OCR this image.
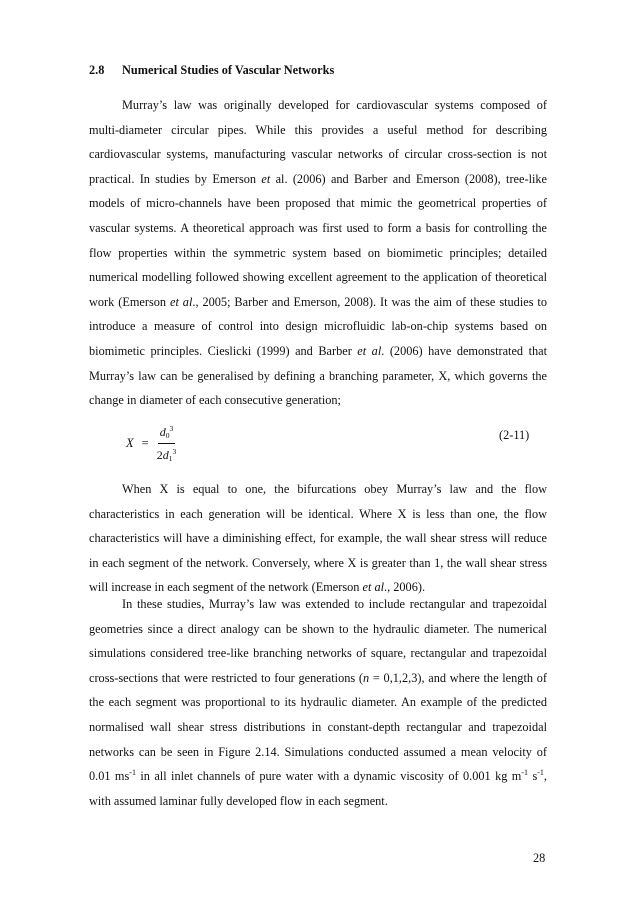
2.8 Numerical Studies of Vascular Networks

Murray’s law was originally developed for cardiovascular systems composed of multi-diameter circular pipes. While this provides a useful method for describing cardiovascular systems, manufacturing vascular networks of circular cross-section is not practical. In studies by Emerson et al. (2006) and Barber and Emerson (2008), tree-like models of micro-channels have been proposed that mimic the geometrical properties of vascular systems. A theoretical approach was first used to form a basis for controlling the flow properties within the symmetric system based on biomimetic principles; detailed numerical modelling followed showing excellent agreement to the application of theoretical work (Emerson et al., 2005; Barber and Emerson, 2008). It was the aim of these studies to introduce a measure of control into design microfluidic lab-on-chip systems based on biomimetic principles. Cieslicki (1999) and Barber et al. (2006) have demonstrated that Murray’s law can be generalised by defining a branching parameter, X, which governs the change in diameter of each consecutive generation;

$X = \frac{d_0^3}{2d_1^3}$	(2-11)

When X is equal to one, the bifurcations obey Murray’s law and the flow characteristics in each generation will be identical. Where X is less than one, the flow characteristics will have a diminishing effect, for example, the wall shear stress will reduce in each segment of the network. Conversely, where X is greater than 1, the wall shear stress will increase in each segment of the network (Emerson et al., 2006).

In these studies, Murray’s law was extended to include rectangular and trapezoidal geometries since a direct analogy can be shown to the hydraulic diameter. The numerical simulations considered tree-like branching networks of square, rectangular and trapezoidal cross-sections that were restricted to four generations (n = 0,1,2,3), and where the length of the each segment was proportional to its hydraulic diameter. An example of the predicted normalised wall shear stress distributions in constant-depth rectangular and trapezoidal networks can be seen in Figure 2.14. Simulations conducted assumed a mean velocity of 0.01 $ms^{-1}$ in all inlet channels of pure water with a dynamic viscosity of 0.001 kg $m^{-1}$ $s^{-1}$, with assumed laminar fully developed flow in each segment.

28
